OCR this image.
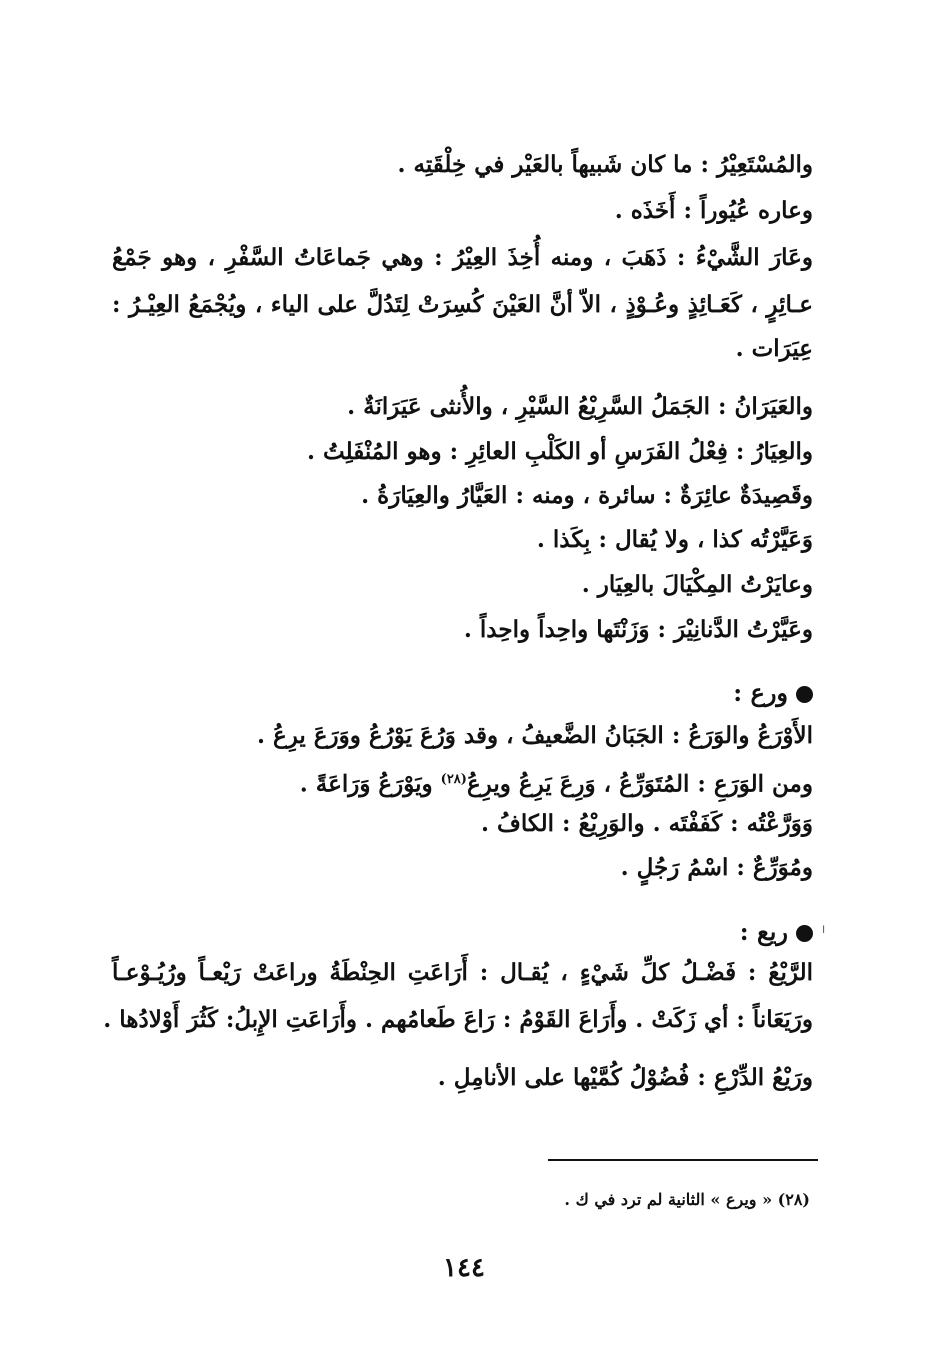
والمُسْتَعِيْرُ : ما كان شَبيهاً بالعَيْر في خِلْقَتِه .
وعاره عُيُوراً : أَخَذَه .
وعَارَ الشَّيْءُ : ذَهَبَ ، ومنه أُخِذَ العِيْرُ : وهي جَماعَاتُ السَّفْرِ ، وهو جَمْعُ
عـائِرٍ ، كَعَـائِذٍ وعُـوْذٍ ، الاّ أنَّ العَيْنَ كُسِرَتْ لِتَدُلَّ على الياء ، ويُجْمَعُ العِيْـرُ :
عِيَرَات .
والعَيَرَانُ : الجَمَلُ السَّرِيْعُ السَّيْرِ ، والأُنثى عَيَرَانَةٌ .
والعِيَارُ : فِعْلُ الفَرَسِ أو الكَلْبِ العائِرِ : وهو المُنْفَلِتُ .
وقَصِيدَةٌ عائِرَةٌ : سائرة ، ومنه : العَيَّارُ والعِيَارَةُ .
وَعَيَّرْتُه كذا ، ولا يُقال : بِكَذا .
وعايَرْتُ المِكْيَالَ بالعِيَار .
وعَيَّرْتُ الدَّنانِيْرَ : وَزَنْتَها واحِداً واحِداً .
ورع :
الأَوْرَعُ والوَرَعُ : الجَبَانُ الضَّعيفُ ، وقد وَرُعَ يَوْرُعُ ووَرَعَ يرِعُ .
ومن الوَرَعِ : المُتَوَرِّعُ ، وَرِعَ يَرِعُ ويرِعُ$^{(٢٨)}$ ويَوْرَعُ وَرَاعَةً .
وَوَرَّعْتُه : كَفَفْتَه . والوَرِيْعُ : الكافُ .
ومُوَرِّعٌ : اسْمُ رَجُلٍ .
ريع :	ا
الرَّيْعُ : فَضْـلُ كلِّ شَيْءٍ ، يُقـال : أَرَاعَتِ الحِنْطَةُ وراعَتْ رَيْعـاً ورُيُـوْعـاً
ورَيَعَاناً : أي زَكَتْ . وأَرَاعَ القَوْمُ : رَاعَ طَعامُهم . وأَرَاعَتِ الإِبلُ: كَثُرَ أَوْلادُها .
ورَيْعُ الدِّرْعِ : فُضُوْلُ كُمَّيْها على الأنامِلِ .
(٢٨) « ويرع » الثانية لم ترد في ك .
١٤٤
